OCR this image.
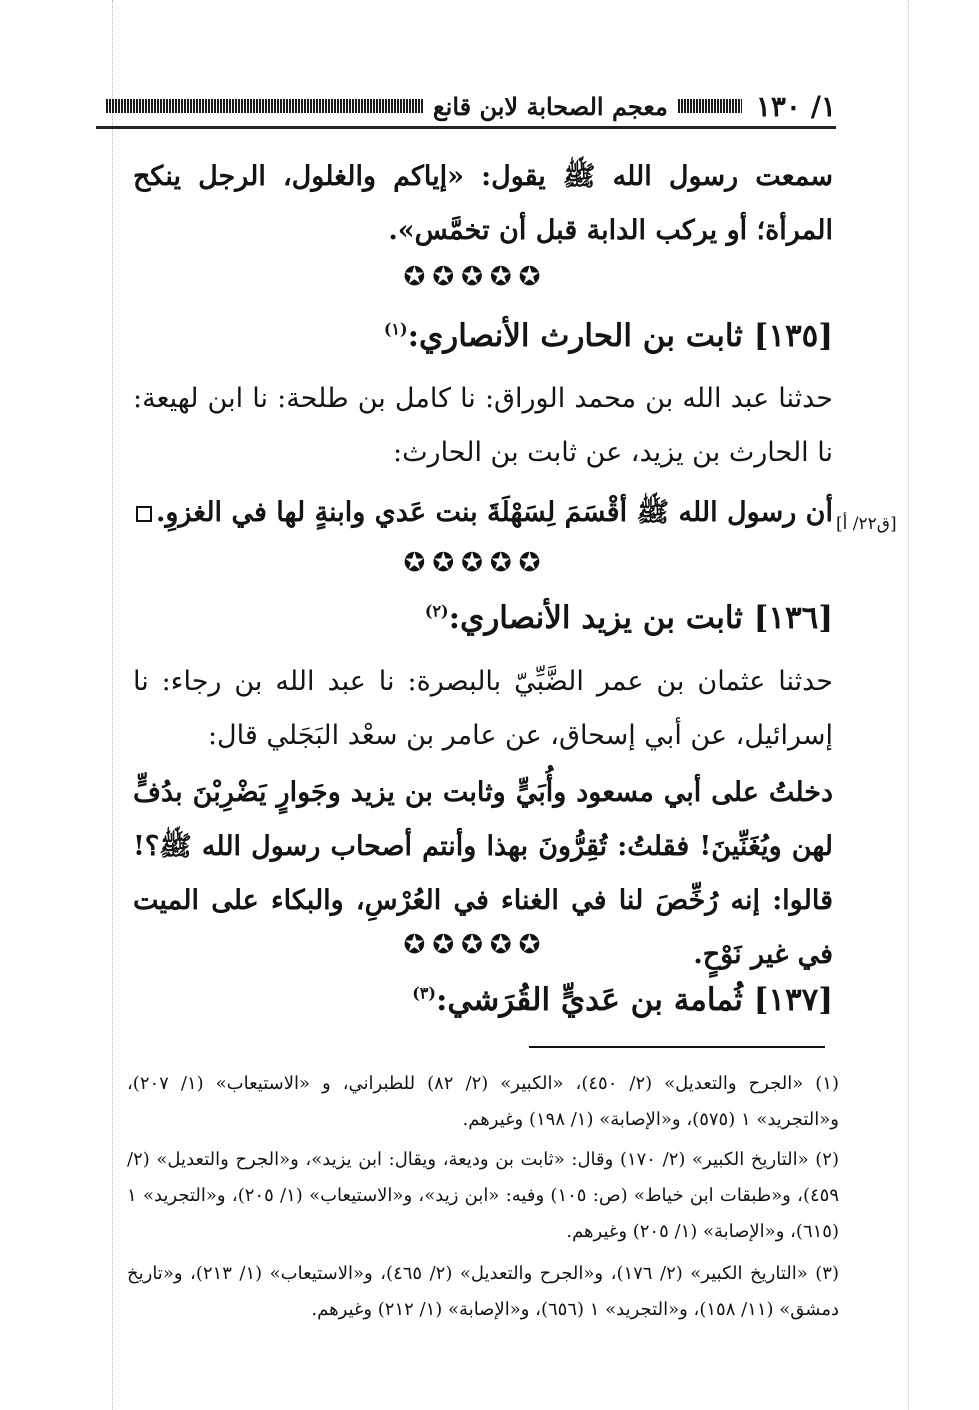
١/ ١٣٠
معجم الصحابة لابن قانع
سمعت رسول الله ﷺ يقول: «إياكم والغلول، الرجل ينكح المرأة؛ أو يركب الدابة قبل أن تخمَّس».
✪✪✪✪✪
[١٣٥] ثابت بن الحارث الأنصاري:$^{(١)}$
حدثنا عبد الله بن محمد الوراق: نا كامل بن طلحة: نا ابن لهيعة: نا الحارث بن يزيد، عن ثابت بن الحارث:
أن رسول الله ﷺ أقْسَمَ لِسَهْلَةَ بنت عَدي وابنةٍ لها في الغزوِ. [ق٢٢/ أ]
✪✪✪✪✪
[١٣٦] ثابت بن يزيد الأنصاري:$^{(٢)}$
حدثنا عثمان بن عمر الضَّبِّيّ بالبصرة: نا عبد الله بن رجاء: نا إسرائيل، عن أبي إسحاق، عن عامر بن سعْد البَجَلي قال:
دخلتُ على أبي مسعود وأُبَيٍّ وثابت بن يزيد وجَوارٍ يَضْرِبْنَ بدُفٍّ لهن ويُغَنِّينَ! فقلتُ: تُقِرُّونَ بهذا وأنتم أصحاب رسول الله ﷺ؟! قالوا: إنه رُخِّصَ لنا في الغناء في العُرْسِ، والبكاء على الميت في غير نَوْحٍ.
✪✪✪✪✪
[١٣٧] ثُمامة بن عَديٍّ القُرَشي:$^{(٣)}$
(١) «الجرح والتعديل» (٢/ ٤٥٠)، «الكبير» (٢/ ٨٢) للطبراني، و «الاستيعاب» (١/ ٢٠٧)، و«التجريد» ١ (٥٧٥)، و«الإصابة» (١/ ١٩٨) وغيرهم.
(٢) «التاريخ الكبير» (٢/ ١٧٠) وقال: «ثابت بن وديعة، ويقال: ابن يزيد»، و«الجرح والتعديل» (٢/ ٤٥٩)، و«طبقات ابن خياط» (ص: ١٠٥) وفيه: «ابن زيد»، و«الاستيعاب» (١/ ٢٠٥)، و«التجريد» ١ (٦١٥)، و«الإصابة» (١/ ٢٠٥) وغيرهم.
(٣) «التاريخ الكبير» (٢/ ١٧٦)، و«الجرح والتعديل» (٢/ ٤٦٥)، و«الاستيعاب» (١/ ٢١٣)، و«تاريخ دمشق» (١١/ ١٥٨)، و«التجريد» ١ (٦٥٦)، و«الإصابة» (١/ ٢١٢) وغيرهم.
